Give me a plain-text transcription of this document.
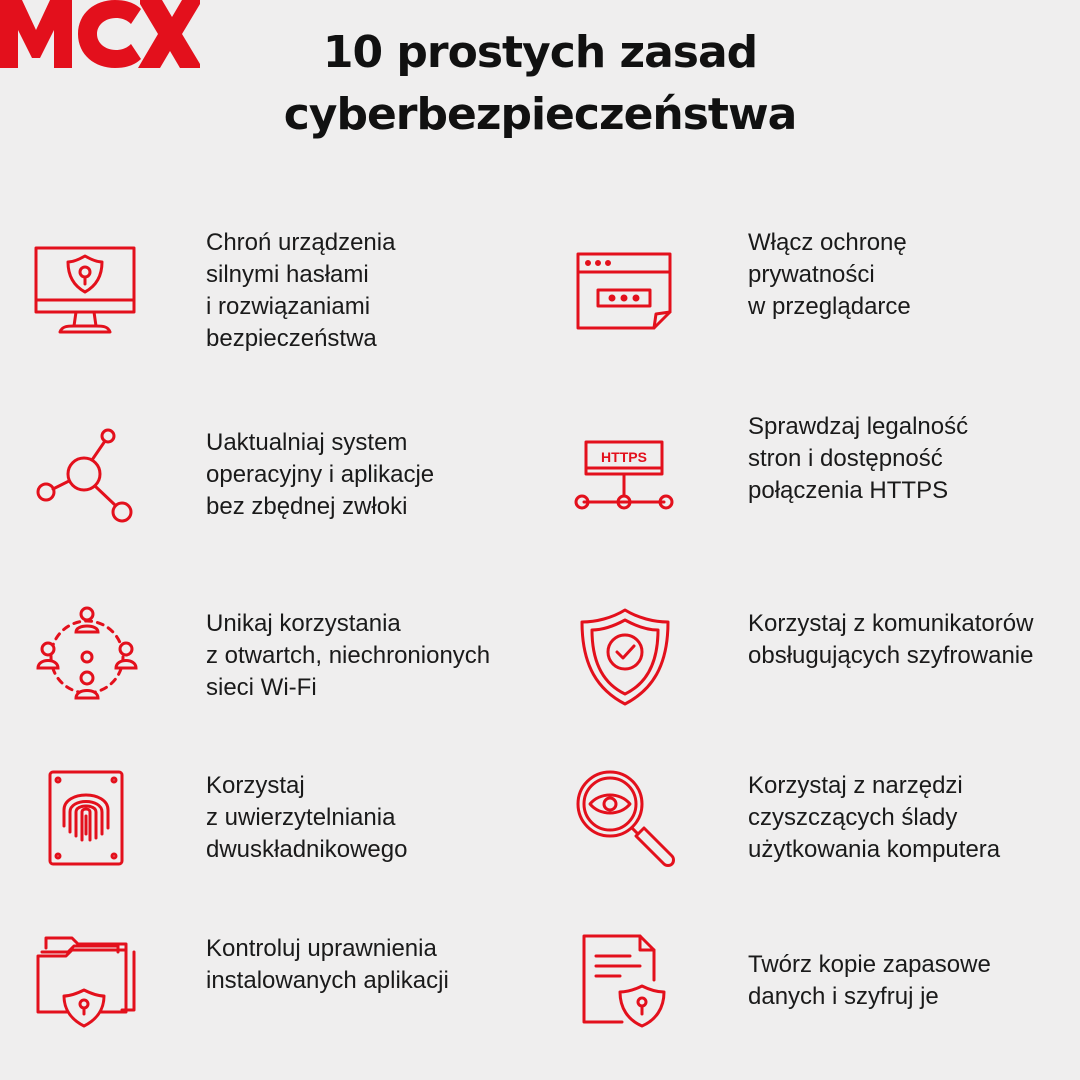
10 prostych zasad
cyberbezpieczeństwa
Chroń urządzenia
silnymi hasłami
i rozwiązaniami
bezpieczeństwa
Włącz ochronę
prywatności
w przeglądarce
Uaktualniaj system
operacyjny i aplikacje
bez zbędnej zwłoki
HTTPS
Sprawdzaj legalność
stron i dostępność
połączenia HTTPS
Unikaj korzystania
z otwartch, niechronionych
sieci Wi-Fi
Korzystaj z komunikatorów
obsługujących szyfrowanie
Korzystaj
z uwierzytelniania
dwuskładnikowego
Korzystaj z narzędzi
czyszczących ślady
użytkowania komputera
Kontroluj uprawnienia
instalowanych aplikacji
Twórz kopie zapasowe
danych i szyfruj je
